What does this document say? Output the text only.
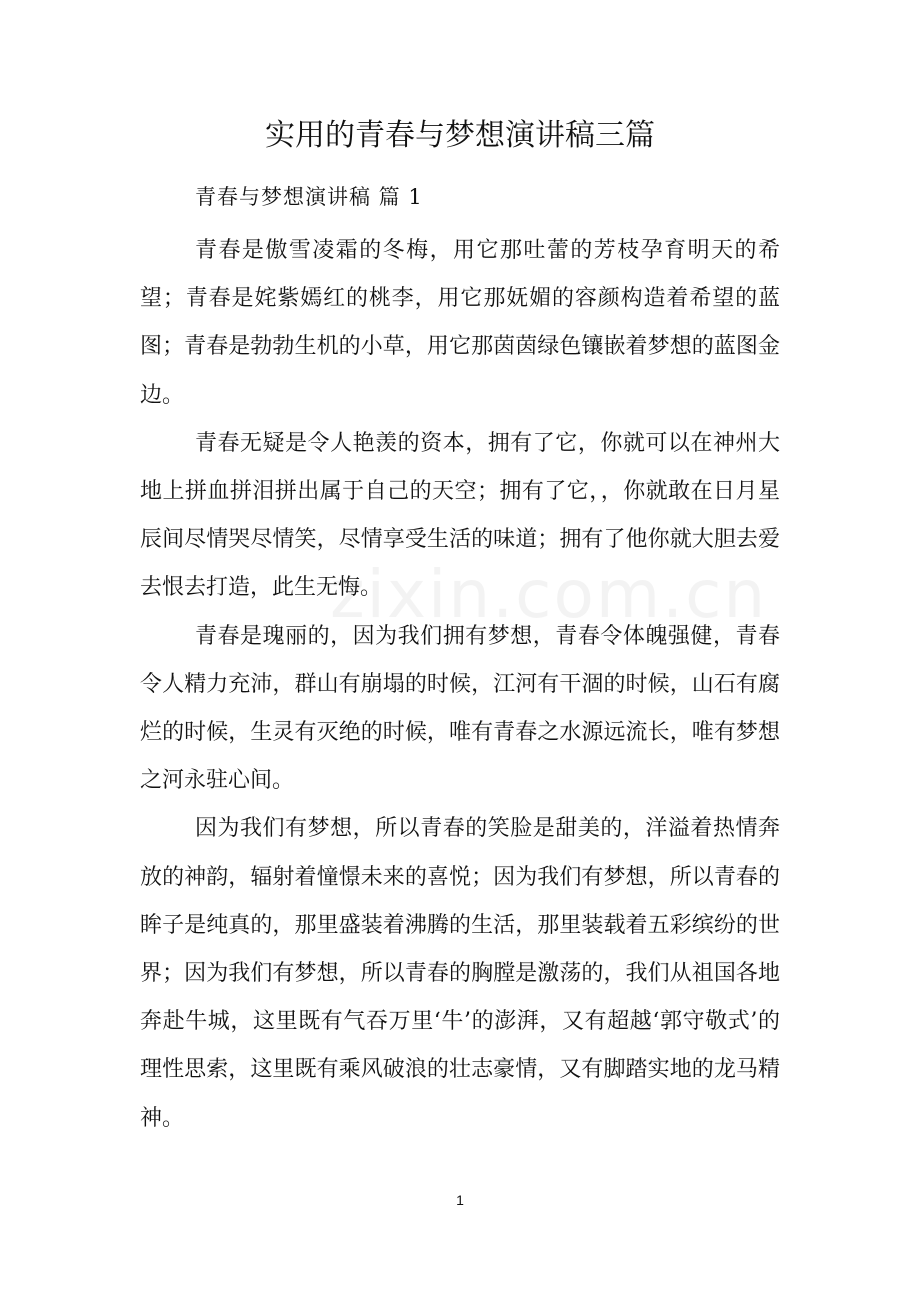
zixin.com.cn
实用的青春与梦想演讲稿三篇
青春与梦想演讲稿 篇 1

青春是傲雪凌霜的冬梅，用它那吐蕾的芳枝孕育明天的希望；青春是姹紫嫣红的桃李，用它那妩媚的容颜构造着希望的蓝图；青春是勃勃生机的小草，用它那茵茵绿色镶嵌着梦想的蓝图金边。

青春无疑是令人艳羡的资本，拥有了它，你就可以在神州大地上拼血拼泪拼出属于自己的天空；拥有了它，，你就敢在日月星辰间尽情哭尽情笑，尽情享受生活的味道；拥有了他你就大胆去爱去恨去打造，此生无悔。

青春是瑰丽的，因为我们拥有梦想，青春令体魄强健，青春令人精力充沛，群山有崩塌的时候，江河有干涸的时候，山石有腐烂的时候，生灵有灭绝的时候，唯有青春之水源远流长，唯有梦想之河永驻心间。

因为我们有梦想，所以青春的笑脸是甜美的，洋溢着热情奔放的神韵，辐射着憧憬未来的喜悦；因为我们有梦想，所以青春的眸子是纯真的，那里盛装着沸腾的生活，那里装载着五彩缤纷的世界；因为我们有梦想，所以青春的胸膛是激荡的，我们从祖国各地奔赴牛城，这里既有气吞万里‘牛’的澎湃，又有超越‘郭守敬式’的理性思索，这里既有乘风破浪的壮志豪情，又有脚踏实地的龙马精神。

1
